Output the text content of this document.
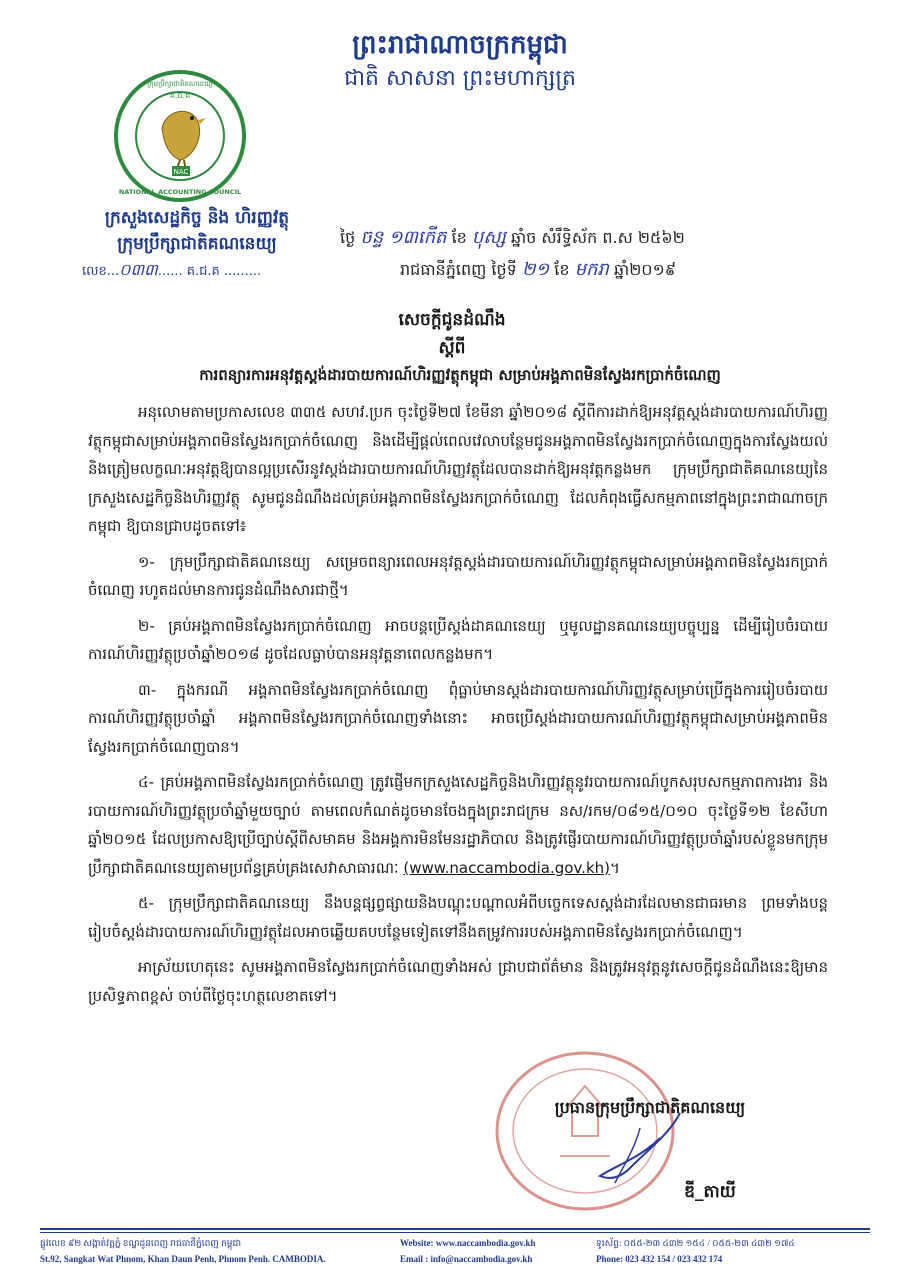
ព្រះរាជាណាចក្រកម្ពុជា
ជាតិ សាសនា ព្រះមហាក្សត្រ
NAC
គ.ជ.គ
NATIONAL ACCOUNTING COUNCIL
ក្រុមប្រឹក្សាជាតិគណនេយ្យ
ក្រសួងសេដ្ឋកិច្ច និង ហិរញ្ញវត្ថុ
ក្រុមប្រឹក្សាជាតិគណនេយ្យ
លេខ...០៣៣...... គ.ជ.គ .........
ថ្ងៃ ចន្ទ ១៣កើត ខែ បុស្ស ឆ្នាំច សំរឹទ្ធិស័ក ព.ស ២៥៦២
រាជធានីភ្នំពេញ ថ្ងៃទី ២១ ខែ មករា ឆ្នាំ២០១៩
សេចក្តីជូនដំណឹង
ស្តីពី
ការពន្យារការអនុវត្តស្តង់ដារបាយការណ៍ហិរញ្ញវត្ថុកម្ពុជា សម្រាប់អង្គភាពមិនស្វែងរកប្រាក់ចំណេញ

អនុលោមតាមប្រកាសលេខ ៣៣៥ សហវ.ប្រក ចុះថ្ងៃទី២៧ ខែមីនា ឆ្នាំ២០១៨ ស្តីពីការដាក់ឱ្យអនុវត្តស្តង់ដារបាយការណ៍ហិរញ្ញវត្ថុកម្ពុជាសម្រាប់អង្គភាពមិនស្វែងរកប្រាក់ចំណេញ និងដើម្បីផ្តល់ពេលវេលាបន្ថែមជូនអង្គភាពមិនស្វែងរកប្រាក់ចំណេញក្នុងការស្វែងយល់និងត្រៀមលក្ខណៈអនុវត្តឱ្យបានល្អប្រសើរនូវស្តង់ដារបាយការណ៍ហិរញ្ញវត្ថុដែលបានដាក់ឱ្យអនុវត្តកន្លងមក ក្រុមប្រឹក្សាជាតិគណនេយ្យនៃក្រសួងសេដ្ឋកិច្ចនិងហិរញ្ញវត្ថុ សូមជូនដំណឹងដល់គ្រប់អង្គភាពមិនស្វែងរកប្រាក់ចំណេញ ដែលកំពុងធ្វើសកម្មភាពនៅក្នុងព្រះរាជាណាចក្រកម្ពុជា ឱ្យបានជ្រាបដូចតទៅ៖

១- ក្រុមប្រឹក្សាជាតិគណនេយ្យ សម្រេចពន្យារពេលអនុវត្តស្តង់ដារបាយការណ៍ហិរញ្ញវត្ថុកម្ពុជាសម្រាប់អង្គភាពមិនស្វែងរកប្រាក់ចំណេញ រហូតដល់មានការជូនដំណឹងសារជាថ្មី។

២- គ្រប់អង្គភាពមិនស្វែងរកប្រាក់ចំណេញ អាចបន្តប្រើស្តង់ដាគណនេយ្យ ឬមូលដ្ឋានគណនេយ្យបច្ចុប្បន្ន ដើម្បីរៀបចំរបាយការណ៍ហិរញ្ញវត្ថុប្រចាំឆ្នាំ២០១៨ ដូចដែលធ្លាប់បានអនុវត្តនាពេលកន្លងមក។

៣- ក្នុងករណី អង្គភាពមិនស្វែងរកប្រាក់ចំណេញ ពុំធ្លាប់មានស្តង់ដារបាយការណ៍ហិរញ្ញវត្ថុសម្រាប់ប្រើក្នុងការរៀបចំរបាយការណ៍ហិរញ្ញវត្ថុប្រចាំឆ្នាំ អង្គភាពមិនស្វែងរកប្រាក់ចំណេញទាំងនោះ អាចប្រើស្តង់ដារបាយការណ៍ហិរញ្ញវត្ថុកម្ពុជាសម្រាប់អង្គភាពមិនស្វែងរកប្រាក់ចំណេញបាន។

៤- គ្រប់អង្គភាពមិនស្វែងរកប្រាក់ចំណេញ ត្រូវផ្ញើមកក្រសួងសេដ្ឋកិច្ចនិងហិរញ្ញវត្ថុនូវរបាយការណ៍បូកសរុបសកម្មភាពការងារ និងរបាយការណ៍ហិរញ្ញវត្ថុប្រចាំឆ្នាំមួយច្បាប់ តាមពេលកំណត់ដូចមានចែងក្នុងព្រះរាជក្រម នស/រកម/០៨១៥/០១០ ចុះថ្ងៃទី១២ ខែសីហា ឆ្នាំ២០១៥ ដែលប្រកាសឱ្យប្រើច្បាប់ស្តីពីសមាគម និងអង្គការមិនមែនរដ្ឋាភិបាល និងត្រូវផ្ញើរបាយការណ៍ហិរញ្ញវត្ថុប្រចាំឆ្នាំរបស់ខ្លួនមកក្រុមប្រឹក្សាជាតិគណនេយ្យតាមប្រព័ន្ធគ្រប់គ្រងសេវាសាធារណៈ (www.naccambodia.gov.kh)។

៥- ក្រុមប្រឹក្សាជាតិគណនេយ្យ នឹងបន្តផ្សព្វផ្សាយនិងបណ្តុះបណ្តាលអំពីបច្ចេកទេសស្តង់ដារដែលមានជាធរមាន ព្រមទាំងបន្តរៀបចំស្តង់ដារបាយការណ៍ហិរញ្ញវត្ថុដែលអាចឆ្លើយតបបន្ថែមទៀតទៅនឹងតម្រូវការរបស់អង្គភាពមិនស្វែងរកប្រាក់ចំណេញ។

អាស្រ័យហេតុនេះ សូមអង្គភាពមិនស្វែងរកប្រាក់ចំណេញទាំងអស់ ជ្រាបជាព័ត៌មាន និងត្រូវអនុវត្តនូវសេចក្តីជូនដំណឹងនេះឱ្យមានប្រសិទ្ធភាពខ្ពស់ ចាប់ពីថ្ងៃចុះហត្ថលេខាតទៅ។

ប្រធានក្រុមប្រឹក្សាជាតិគណនេយ្យ
ឌី_តាយី
ផ្លូវលេខ ៩២ សង្កាត់វត្តភ្នំ ខណ្ឌដូនពេញ រាជធានីភ្នំពេញ កម្ពុជា
St.92, Sangkat Wat Phnom, Khan Daun Penh, Phnom Penh. CAMBODIA.
Website: www.naccambodia.gov.kh
Email : info@naccambodia.gov.kh
ទូរស័ព្ទ: ០៥៥-២៣ ៤៣២ ១៥៤ / ០៥៥-២៣ ៤៣២ ១៧៤
Phone: 023 432 154 / 023 432 174
